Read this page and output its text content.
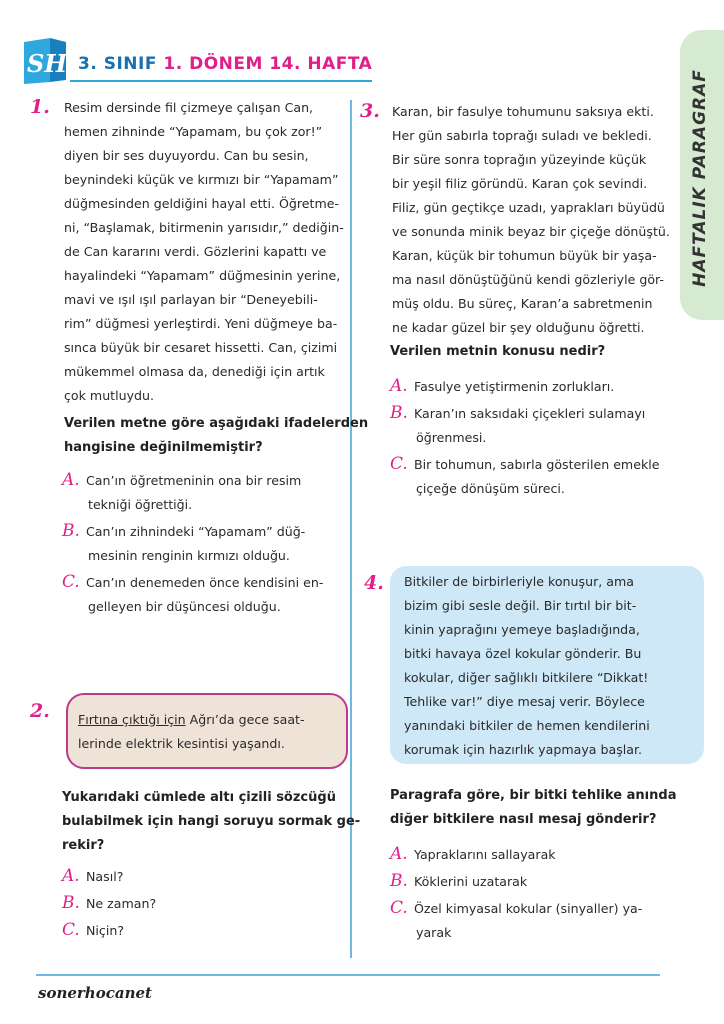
SH 3. SINIF 1. DÖNEM 14. HAFTA
HAFTALIK PARAGRAF
1. Resim dersinde fil çizmeye çalışan Can,
hemen zihninde “Yapamam, bu çok zor!”
diyen bir ses duyuyordu. Can bu sesin,
beynindeki küçük ve kırmızı bir “Yapamam”
düğmesinden geldiğini hayal etti. Öğretme-
ni, “Başlamak, bitirmenin yarısıdır,” dediğin-
de Can kararını verdi. Gözlerini kapattı ve
hayalindeki “Yapamam” düğmesinin yerine,
mavi ve ışıl ışıl parlayan bir “Deneyebili-
rim” düğmesi yerleştirdi. Yeni düğmeye ba-
sınca büyük bir cesaret hissetti. Can, çizimi
mükemmel olmasa da, denediği için artık
çok mutluydu.
Verilen metne göre aşağıdaki ifadelerden
hangisine değinilmemiştir?
A. Can’ın öğretmeninin ona bir resim
tekniği öğrettiği.
B. Can’ın zihnindeki “Yapamam” düğ-
mesinin renginin kırmızı olduğu.
C. Can’ın denemeden önce kendisini en-
gelleyen bir düşüncesi olduğu.
2. Fırtına çıktığı için Ağrı’da gece saat-
lerinde elektrik kesintisi yaşandı.
Yukarıdaki cümlede altı çizili sözcüğü
bulabilmek için hangi soruyu sormak ge-
rekir?
A. Nasıl?
B. Ne zaman?
C. Niçin?
3. Karan, bir fasulye tohumunu saksıya ekti.
Her gün sabırla toprağı suladı ve bekledi.
Bir süre sonra toprağın yüzeyinde küçük
bir yeşil filiz göründü. Karan çok sevindi.
Filiz, gün geçtikçe uzadı, yaprakları büyüdü
ve sonunda minik beyaz bir çiçeğe dönüştü.
Karan, küçük bir tohumun büyük bir yaşa-
ma nasıl dönüştüğünü kendi gözleriyle gör-
müş oldu. Bu süreç, Karan’a sabretmenin
ne kadar güzel bir şey olduğunu öğretti.
Verilen metnin konusu nedir?
A. Fasulye yetiştirmenin zorlukları.
B. Karan’ın saksıdaki çiçekleri sulamayı
öğrenmesi.
C. Bir tohumun, sabırla gösterilen emekle
çiçeğe dönüşüm süreci.
4. Bitkiler de birbirleriyle konuşur, ama
bizim gibi sesle değil. Bir tırtıl bir bit-
kinin yaprağını yemeye başladığında,
bitki havaya özel kokular gönderir. Bu
kokular, diğer sağlıklı bitkilere “Dikkat!
Tehlike var!” diye mesaj verir. Böylece
yanındaki bitkiler de hemen kendilerini
korumak için hazırlık yapmaya başlar.
Paragrafa göre, bir bitki tehlike anında
diğer bitkilere nasıl mesaj gönderir?
A. Yapraklarını sallayarak
B. Köklerini uzatarak
C. Özel kimyasal kokular (sinyaller) ya-
yarak
sonerhocanet
